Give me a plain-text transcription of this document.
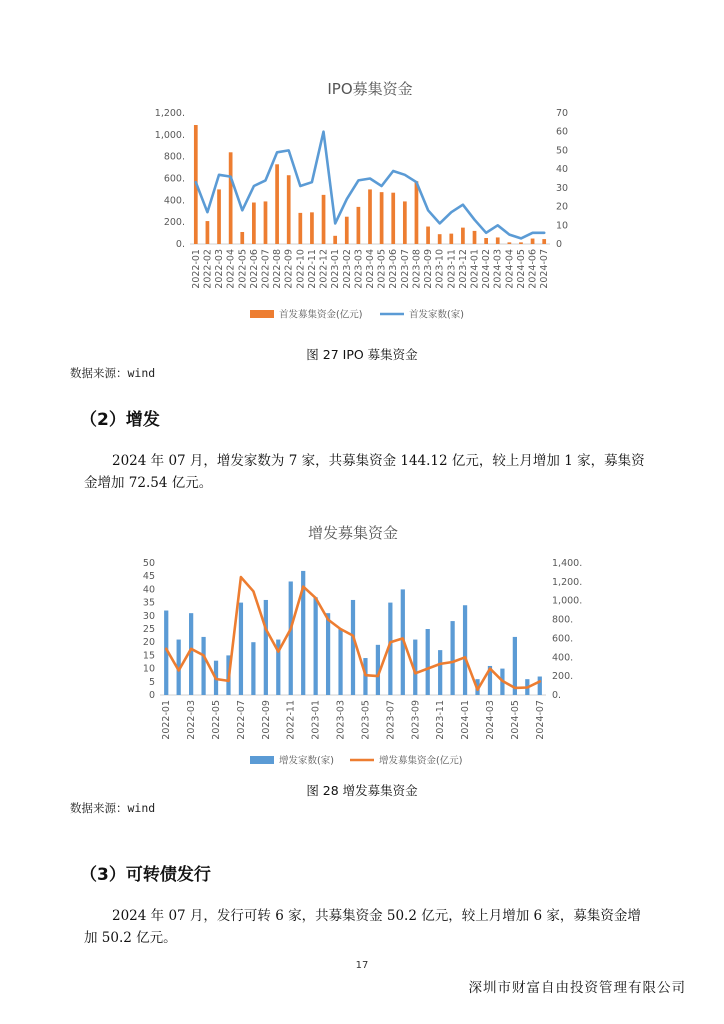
IPO募集资金
0.
200.
400.
600.
800.
1,000.
1,200.
0
10
20
30
40
50
60
70
2022-01 2022-02 2022-03 2022-04 2022-05 2022-06 2022-07 2022-08 2022-09 2022-10 2022-11 2022-12 2023-01 2023-02 2023-03 2023-04 2023-05 2023-06 2023-07 2023-08 2023-09 2023-10 2023-11 2023-12 2024-01 2024-02 2024-03 2024-04 2024-05 2024-06 2024-07
首发募集资金(亿元)	首发家数(家)
图 27 IPO 募集资金
数据来源：wind
（2）增发
2024 年 07 月，增发家数为 7 家，共募集资金 144.12 亿元，较上月增加 1 家，募集资金增加 72.54 亿元。
增发募集资金
0
5
10
15
20
25
30
35
40
45
50
0.
200.
400.
600.
800.
1,000.
1,200.
1,400.
2022-01 2022-03 2022-05 2022-07 2022-09 2022-11 2023-01 2023-03 2023-05 2023-07 2023-09 2023-11 2024-01 2024-03 2024-05 2024-07
增发家数(家)	增发募集资金(亿元)
图 28 增发募集资金
数据来源：wind
（3）可转债发行
2024 年 07 月，发行可转 6 家，共募集资金 50.2 亿元，较上月增加 6 家，募集资金增加 50.2 亿元。
17
深圳市财富自由投资管理有限公司
